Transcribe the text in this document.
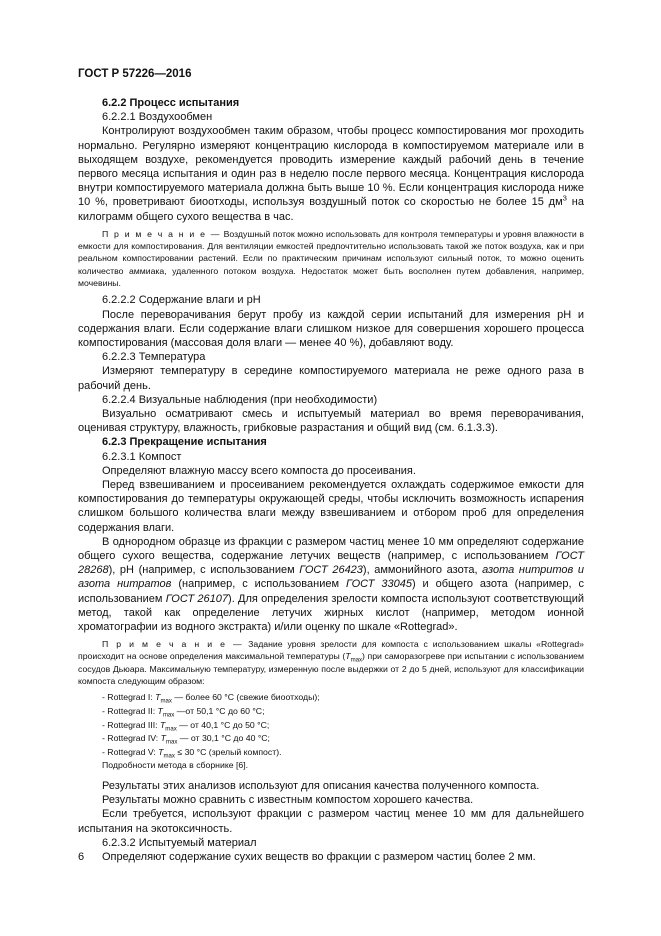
ГОСТ Р 57226—2016

6.2.2 Процесс испытания

6.2.2.1 Воздухообмен

Контролируют воздухообмен таким образом, чтобы процесс компостирования мог проходить нормально. Регулярно измеряют концентрацию кислорода в компостируемом материале или в выходящем воздухе, рекомендуется проводить измерение каждый рабочий день в течение первого месяца испытания и один раз в неделю после первого месяца. Концентрация кислорода внутри компостируемого материала должна быть выше 10 %. Если концентрация кислорода ниже 10 %, проветривают биоотходы, используя воздушный поток со скоростью не более 15 $дм^3$ на килограмм общего сухого вещества в час.

П р и м е ч а н и е — Воздушный поток можно использовать для контроля температуры и уровня влажности в емкости для компостирования. Для вентиляции емкостей предпочтительно использовать такой же поток воздуха, как и при реальном компостировании растений. Если по практическим причинам используют сильный поток, то можно оценить количество аммиака, удаленного потоком воздуха. Недостаток может быть восполнен путем добавления, например, мочевины.

6.2.2.2 Содержание влаги и pH

После переворачивания берут пробу из каждой серии испытаний для измерения pH и содержания влаги. Если содержание влаги слишком низкое для совершения хорошего процесса компостирования (массовая доля влаги — менее 40 %), добавляют воду.

6.2.2.3 Температура

Измеряют температуру в середине компостируемого материала не реже одного раза в рабочий день.

6.2.2.4 Визуальные наблюдения (при необходимости)

Визуально осматривают смесь и испытуемый материал во время переворачивания, оценивая структуру, влажность, грибковые разрастания и общий вид (см. 6.1.3.3).

6.2.3 Прекращение испытания

6.2.3.1 Компост

Определяют влажную массу всего компоста до просеивания.

Перед взвешиванием и просеиванием рекомендуется охлаждать содержимое емкости для компостирования до температуры окружающей среды, чтобы исключить возможность испарения слишком большого количества влаги между взвешиванием и отбором проб для определения содержания влаги.

В однородном образце из фракции с размером частиц менее 10 мм определяют содержание общего сухого вещества, содержание летучих веществ (например, с использованием ГОСТ 28268), pH (например, с использованием ГОСТ 26423), аммонийного азота, азота нитритов и азота нитратов (например, с использованием ГОСТ 33045) и общего азота (например, с использованием ГОСТ 26107). Для определения зрелости компоста используют соответствующий метод, такой как определение летучих жирных кислот (например, методом ионной хроматографии из водного экстракта) и/или оценку по шкале «Rottegrad».

П р и м е ч а н и е — Задание уровня зрелости для компоста с использованием шкалы «Rottegrad» происходит на основе определения максимальной температуры $(T_{max})$ при саморазогреве при испытании с использованием сосудов Дьюара. Максимальную температуру, измеренную после выдержки от 2 до 5 дней, используют для классификации компоста следующим образом:

- Rottegrad I: $T_{max}$ — более 60 °C (свежие биоотходы);

- Rottegrad II: $T_{max}$ —от 50,1 °C до 60 °C;

- Rottegrad III: $T_{max}$ — от 40,1 °C до 50 °C;

- Rottegrad IV: $T_{max}$ — от 30,1 °C до 40 °C;

- Rottegrad V: $T_{max} \le 30$ °C (зрелый компост).

Подробности метода в сборнике [6].

Результаты этих анализов используют для описания качества полученного компоста.

Результаты можно сравнить с известным компостом хорошего качества.

Если требуется, используют фракции с размером частиц менее 10 мм для дальнейшего испытания на экотоксичность.

6.2.3.2 Испытуемый материал

Определяют содержание сухих веществ во фракции с размером частиц более 2 мм.

6
